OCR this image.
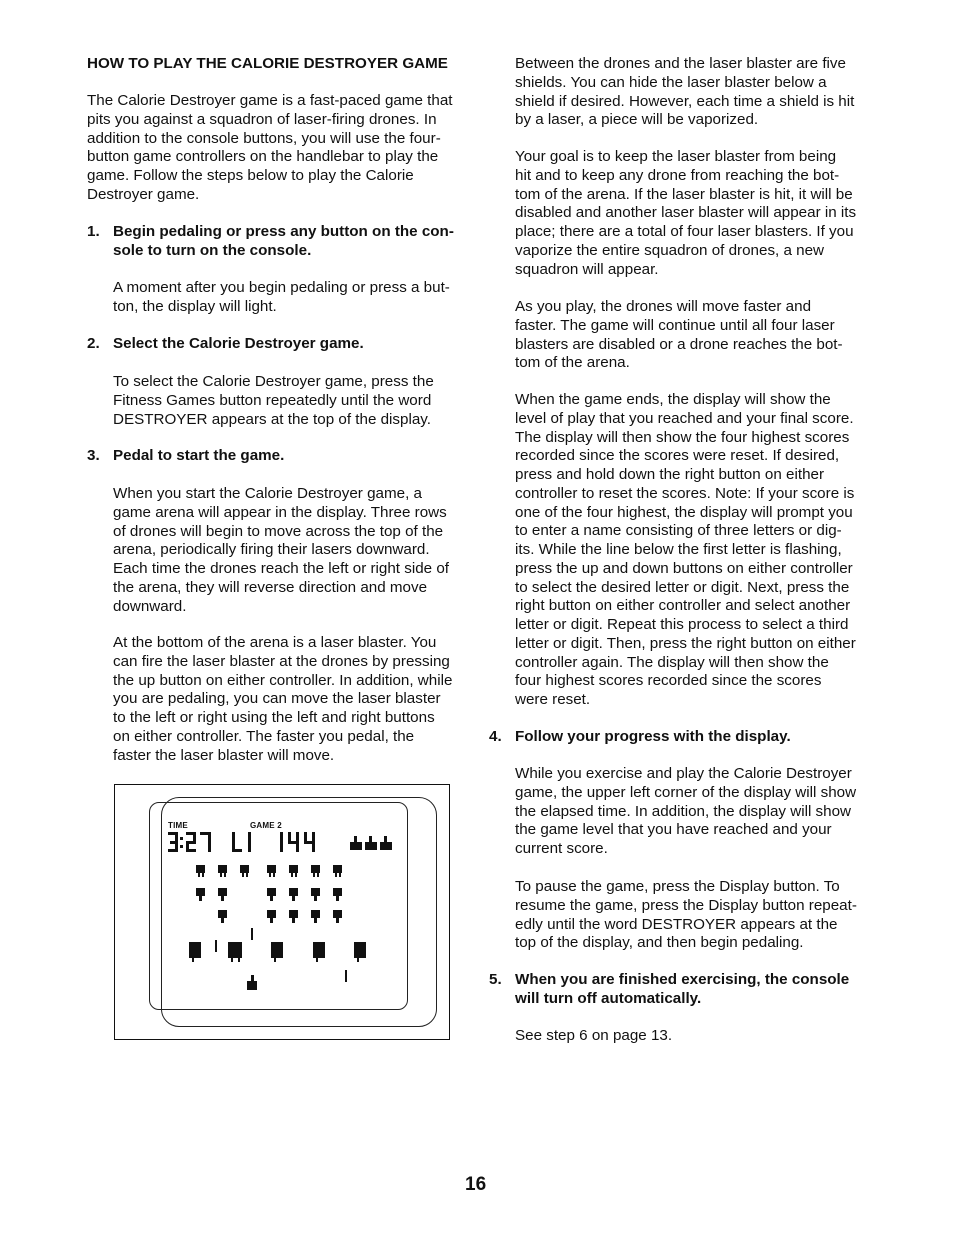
HOW TO PLAY THE CALORIE DESTROYER GAME
The Calorie Destroyer game is a fast-paced game that
pits you against a squadron of laser-firing drones. In
addition to the console buttons, you will use the four-
button game controllers on the handlebar to play the
game. Follow the steps below to play the Calorie
Destroyer game.
1. Begin pedaling or press any button on the con-
sole to turn on the console.
A moment after you begin pedaling or press a but-
ton, the display will light.
2. Select the Calorie Destroyer game.
To select the Calorie Destroyer game, press the
Fitness Games button repeatedly until the word
DESTROYER appears at the top of the display.
3. Pedal to start the game.
When you start the Calorie Destroyer game, a
game arena will appear in the display. Three rows
of drones will begin to move across the top of the
arena, periodically firing their lasers downward.
Each time the drones reach the left or right side of
the arena, they will reverse direction and move
downward.
At the bottom of the arena is a laser blaster. You
can fire the laser blaster at the drones by pressing
the up button on either controller. In addition, while
you are pedaling, you can move the laser blaster
to the left or right using the left and right buttons
on either controller. The faster you pedal, the
faster the laser blaster will move.
TIME	GAME 2
Between the drones and the laser blaster are five
shields. You can hide the laser blaster below a
shield if desired. However, each time a shield is hit
by a laser, a piece will be vaporized.
Your goal is to keep the laser blaster from being
hit and to keep any drone from reaching the bot-
tom of the arena. If the laser blaster is hit, it will be
disabled and another laser blaster will appear in its
place; there are a total of four laser blasters. If you
vaporize the entire squadron of drones, a new
squadron will appear.
As you play, the drones will move faster and
faster. The game will continue until all four laser
blasters are disabled or a drone reaches the bot-
tom of the arena.
When the game ends, the display will show the
level of play that you reached and your final score.
The display will then show the four highest scores
recorded since the scores were reset. If desired,
press and hold down the right button on either
controller to reset the scores. Note: If your score is
one of the four highest, the display will prompt you
to enter a name consisting of three letters or dig-
its. While the line below the first letter is flashing,
press the up and down buttons on either controller
to select the desired letter or digit. Next, press the
right button on either controller and select another
letter or digit. Repeat this process to select a third
letter or digit. Then, press the right button on either
controller again. The display will then show the
four highest scores recorded since the scores
were reset.
4. Follow your progress with the display.
While you exercise and play the Calorie Destroyer
game, the upper left corner of the display will show
the elapsed time. In addition, the display will show
the game level that you have reached and your
current score.
To pause the game, press the Display button. To
resume the game, press the Display button repeat-
edly until the word DESTROYER appears at the
top of the display, and then begin pedaling.
5. When you are finished exercising, the console
will turn off automatically.
See step 6 on page 13.
16
